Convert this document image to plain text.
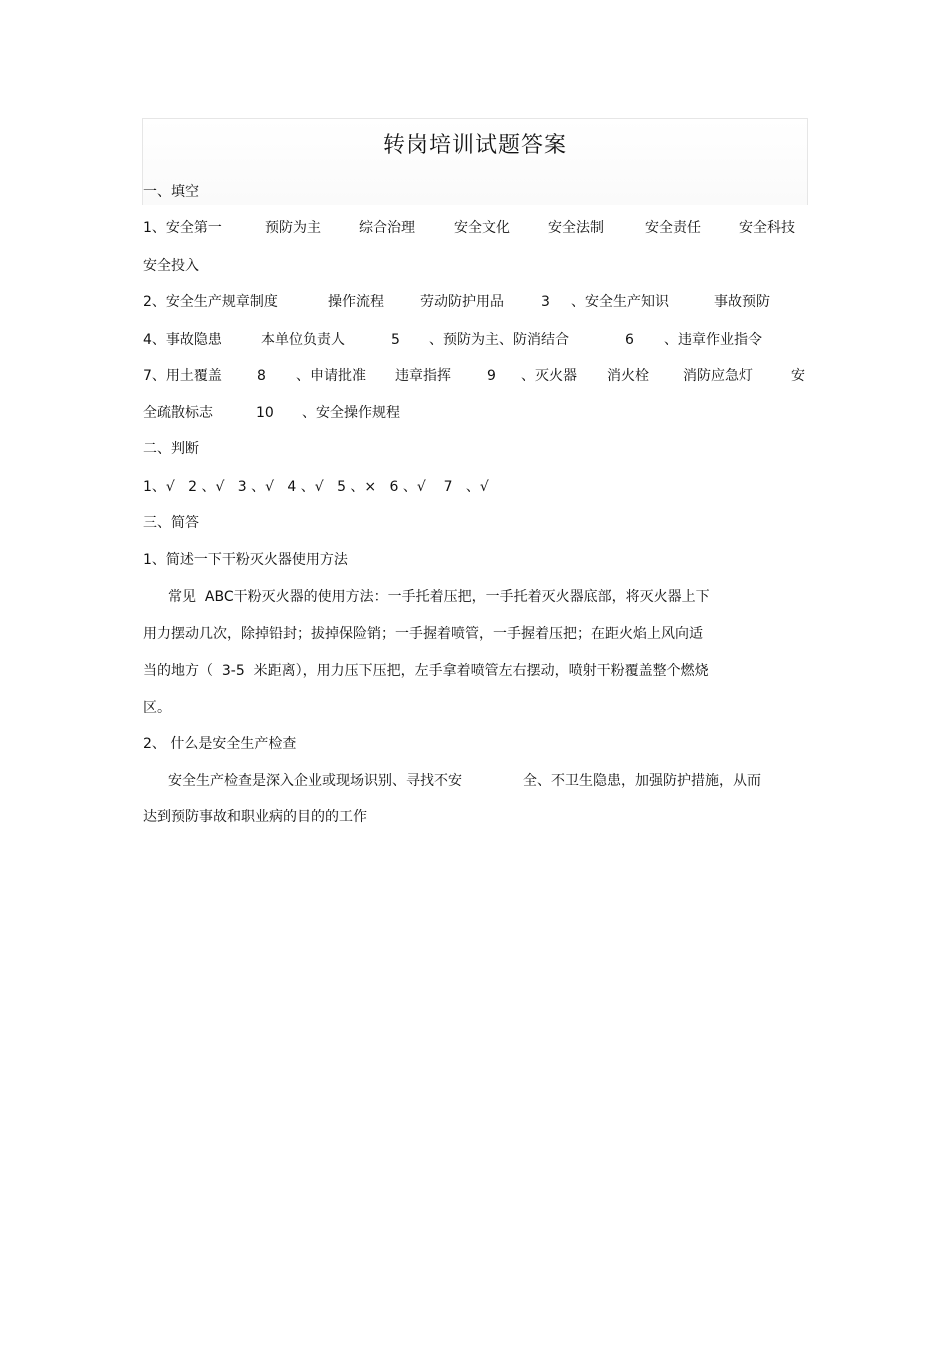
转岗培训试题答案
一、填空
1、安全第一	预防为主	综合治理	安全文化	安全法制	安全责任	安全科技
安全投入
2、安全生产规章制度	操作流程	劳动防护用品	3 、安全生产知识	事故预防
4、事故隐患	本单位负责人	5 、预防为主、防消结合	6 、违章作业指令
7、用土覆盖	8 、申请批准 违章指挥	9 、灭火器 消火栓 消防应急灯	安
全疏散标志	10 、安全操作规程
二、判断
1、√   2 、√   3 、√   4 、√   5 、×   6 、√    7   、√
三、简答
1、简述一下干粉灭火器使用方法
常见  ABC干粉灭火器的使用方法：一手托着压把，一手托着灭火器底部，将灭火器上下
用力摆动几次，除掉铅封；拔掉保险销；一手握着喷管，一手握着压把；在距火焰上风向适
当的地方（  3-5  米距离），用力压下压把，左手拿着喷管左右摆动，喷射干粉覆盖整个燃烧
区。
2、 什么是安全生产检查
安全生产检查是深入企业或现场识别、寻找不安	全、不卫生隐患，加强防护措施，从而
达到预防事故和职业病的目的的工作
